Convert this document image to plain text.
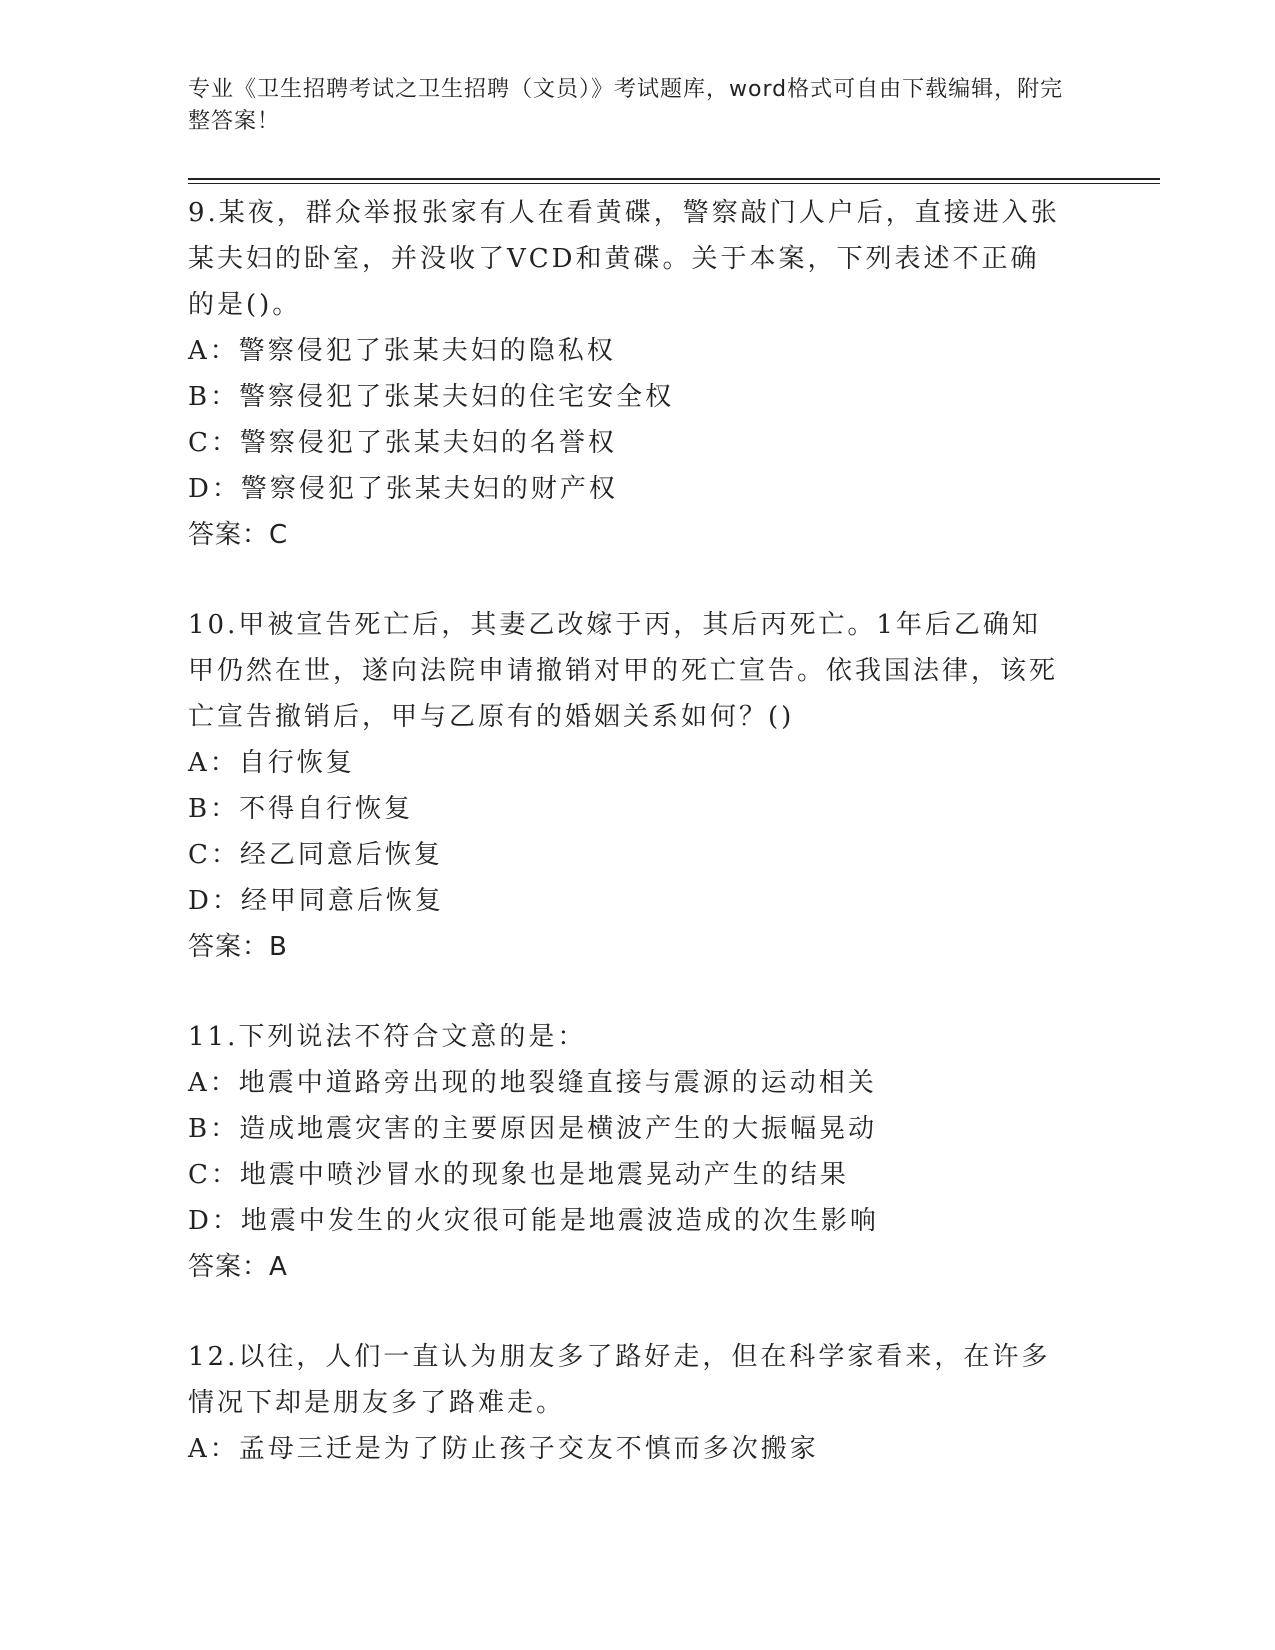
专业《卫生招聘考试之卫生招聘（文员）》考试题库，word格式可自由下载编辑，附完整答案！

9.某夜，群众举报张家有人在看黄碟，警察敲门人户后，直接进入张某夫妇的卧室，并没收了VCD和黄碟。关于本案，下列表述不正确的是()。

A：警察侵犯了张某夫妇的隐私权

B：警察侵犯了张某夫妇的住宅安全权

C：警察侵犯了张某夫妇的名誉权

D：警察侵犯了张某夫妇的财产权

答案：C

10.甲被宣告死亡后，其妻乙改嫁于丙，其后丙死亡。1年后乙确知甲仍然在世，遂向法院申请撤销对甲的死亡宣告。依我国法律，该死亡宣告撤销后，甲与乙原有的婚姻关系如何？()

A：自行恢复

B：不得自行恢复

C：经乙同意后恢复

D：经甲同意后恢复

答案：B

11.下列说法不符合文意的是：

A：地震中道路旁出现的地裂缝直接与震源的运动相关

B：造成地震灾害的主要原因是横波产生的大振幅晃动

C：地震中喷沙冒水的现象也是地震晃动产生的结果

D：地震中发生的火灾很可能是地震波造成的次生影响

答案：A

12.以往，人们一直认为朋友多了路好走，但在科学家看来，在许多情况下却是朋友多了路难走。

A：孟母三迁是为了防止孩子交友不慎而多次搬家
